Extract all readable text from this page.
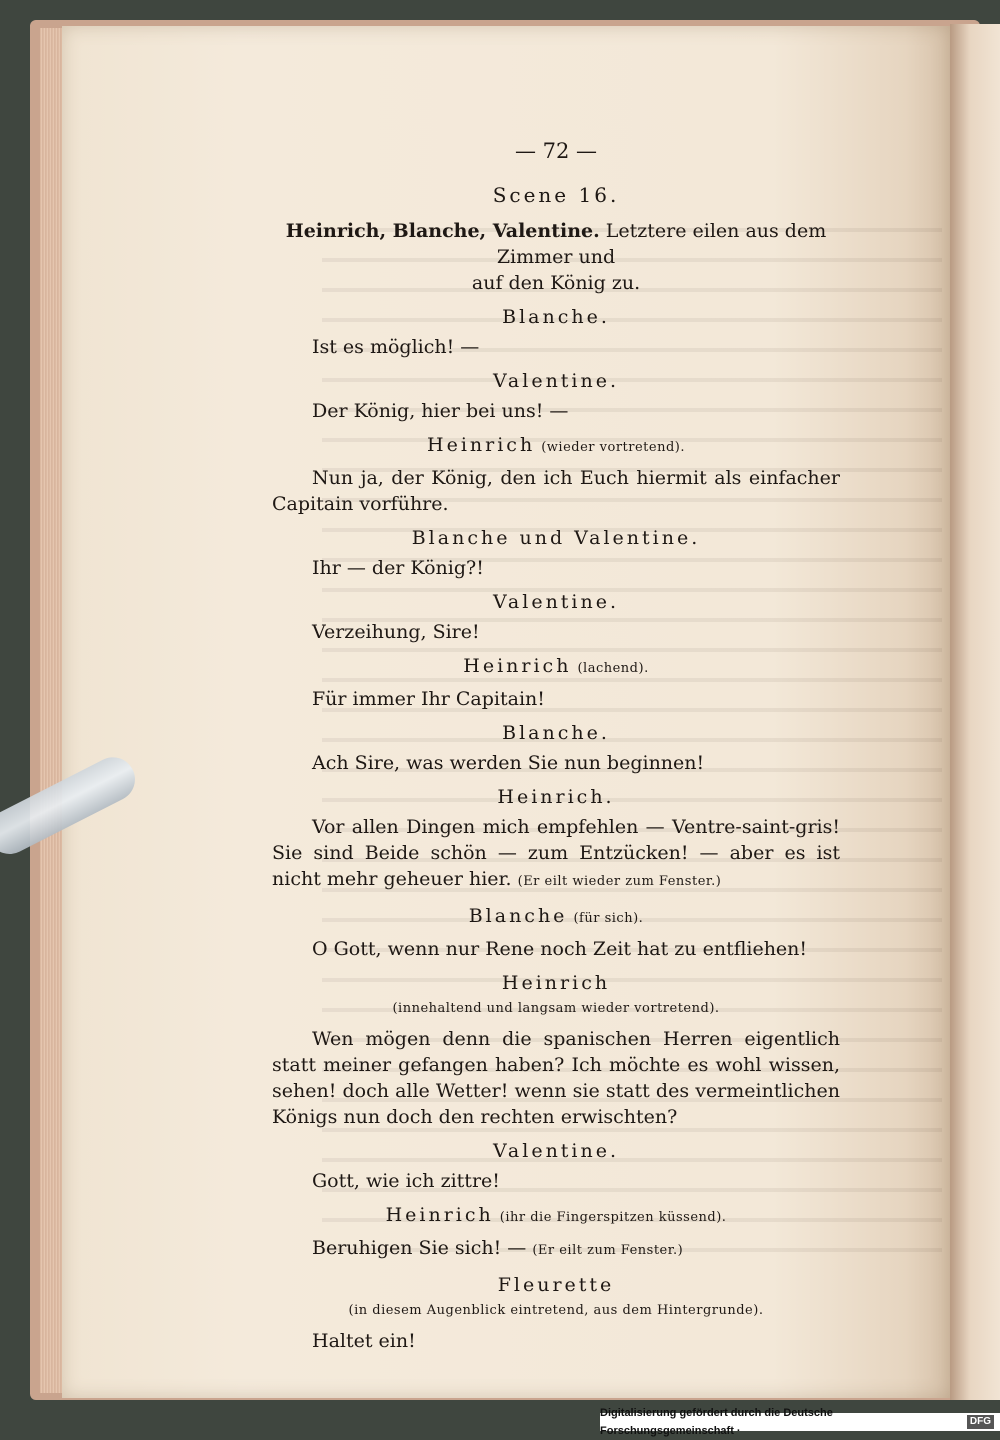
— 72 —
Scene 16.
Heinrich, Blanche, Valentine. Letztere eilen aus dem Zimmer und
auf den König zu.
Blanche.
Ist es möglich! —
Valentine.
Der König, hier bei uns! —
Heinrich (wieder vortretend).
Nun ja, der König, den ich Euch hiermit als einfacher Capitain vorführe.
Blanche und Valentine.
Ihr — der König?!
Valentine.
Verzeihung, Sire!
Heinrich (lachend).
Für immer Ihr Capitain!
Blanche.
Ach Sire, was werden Sie nun beginnen!
Heinrich.
Vor allen Dingen mich empfehlen — Ventre-saint-gris! Sie sind Beide schön — zum Entzücken! — aber es ist nicht mehr geheuer hier. (Er eilt wieder zum Fenster.)
Blanche (für sich).
O Gott, wenn nur Rene noch Zeit hat zu entfliehen!
Heinrich
(innehaltend und langsam wieder vortretend).
Wen mögen denn die spanischen Herren eigentlich statt meiner gefangen haben? Ich möchte es wohl wissen, sehen! doch alle Wetter! wenn sie statt des vermeintlichen Königs nun doch den rechten erwischten?
Valentine.
Gott, wie ich zittre!
Heinrich (ihr die Fingerspitzen küssend).
Beruhigen Sie sich! — (Er eilt zum Fenster.)
Fleurette
(in diesem Augenblick eintretend, aus dem Hintergrunde).
Haltet ein!
Digitalisierung gefördert durch die Deutsche Forschungsgemeinschaft ·
DFG
